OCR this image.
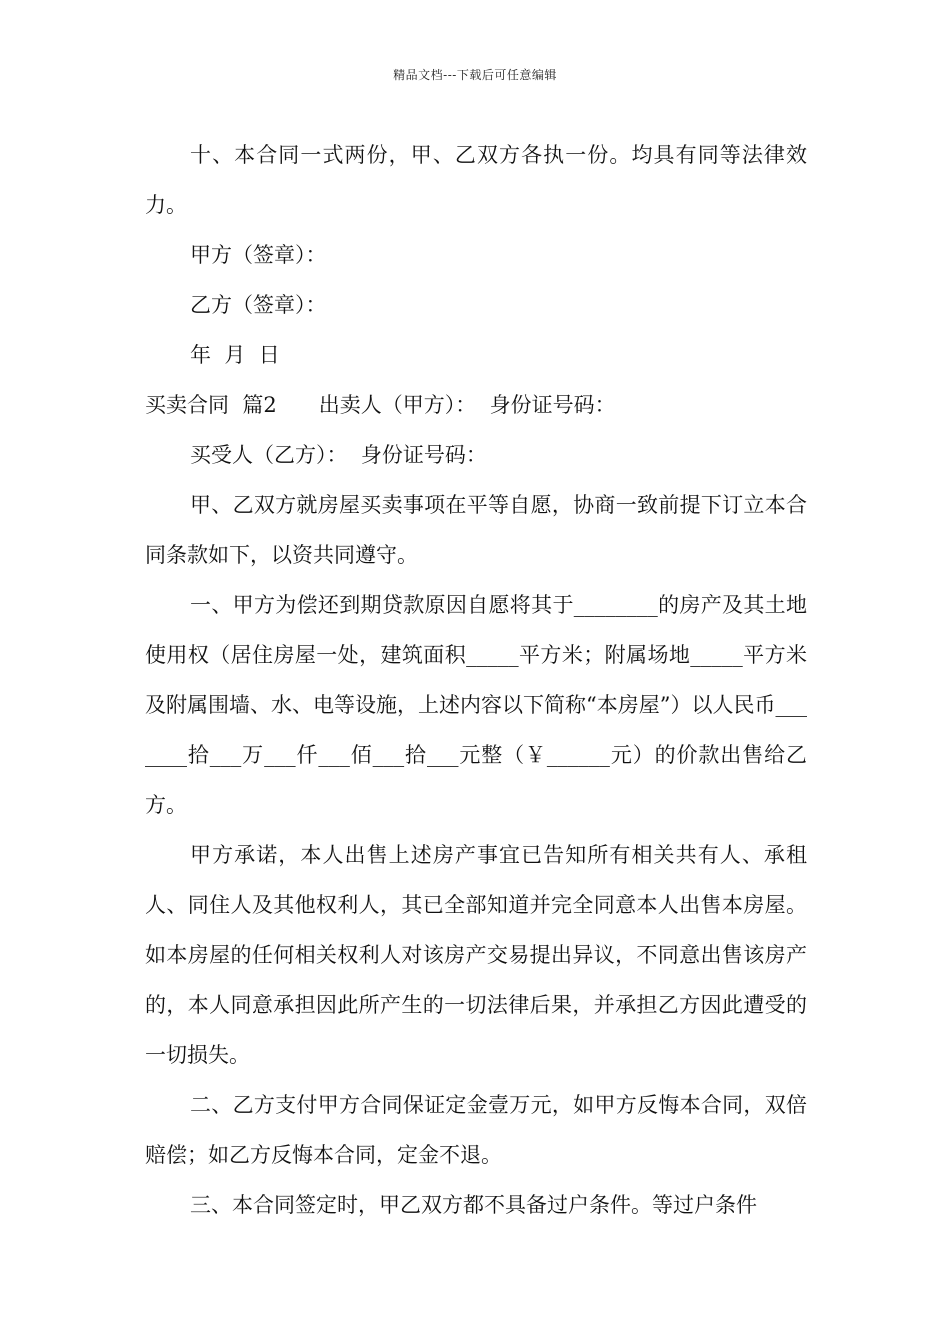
精品文档---下载后可任意编辑

十、本合同一式两份，甲、乙双方各执一份。均具有同等法律效力。

甲方（签章）：

乙方（签章）：

年  月  日

买卖合同  篇2 出卖人（甲方）：  身份证号码：

买受人（乙方）：  身份证号码：

甲、乙双方就房屋买卖事项在平等自愿，协商一致前提下订立本合同条款如下，以资共同遵守。

一、甲方为偿还到期贷款原因自愿将其于________的房产及其土地使用权（居住房屋一处，建筑面积_____平方米；附属场地_____平方米及附属围墙、水、电等设施，上述内容以下简称“本房屋”）以人民币_______拾___万___仟___佰___拾___元整（￥______元）的价款出售给乙方。

甲方承诺，本人出售上述房产事宜已告知所有相关共有人、承租人、同住人及其他权利人，其已全部知道并完全同意本人出售本房屋。如本房屋的任何相关权利人对该房产交易提出异议，不同意出售该房产的，本人同意承担因此所产生的一切法律后果，并承担乙方因此遭受的一切损失。

二、乙方支付甲方合同保证定金壹万元，如甲方反悔本合同，双倍赔偿；如乙方反悔本合同，定金不退。

三、本合同签定时，甲乙双方都不具备过户条件。等过户条件
